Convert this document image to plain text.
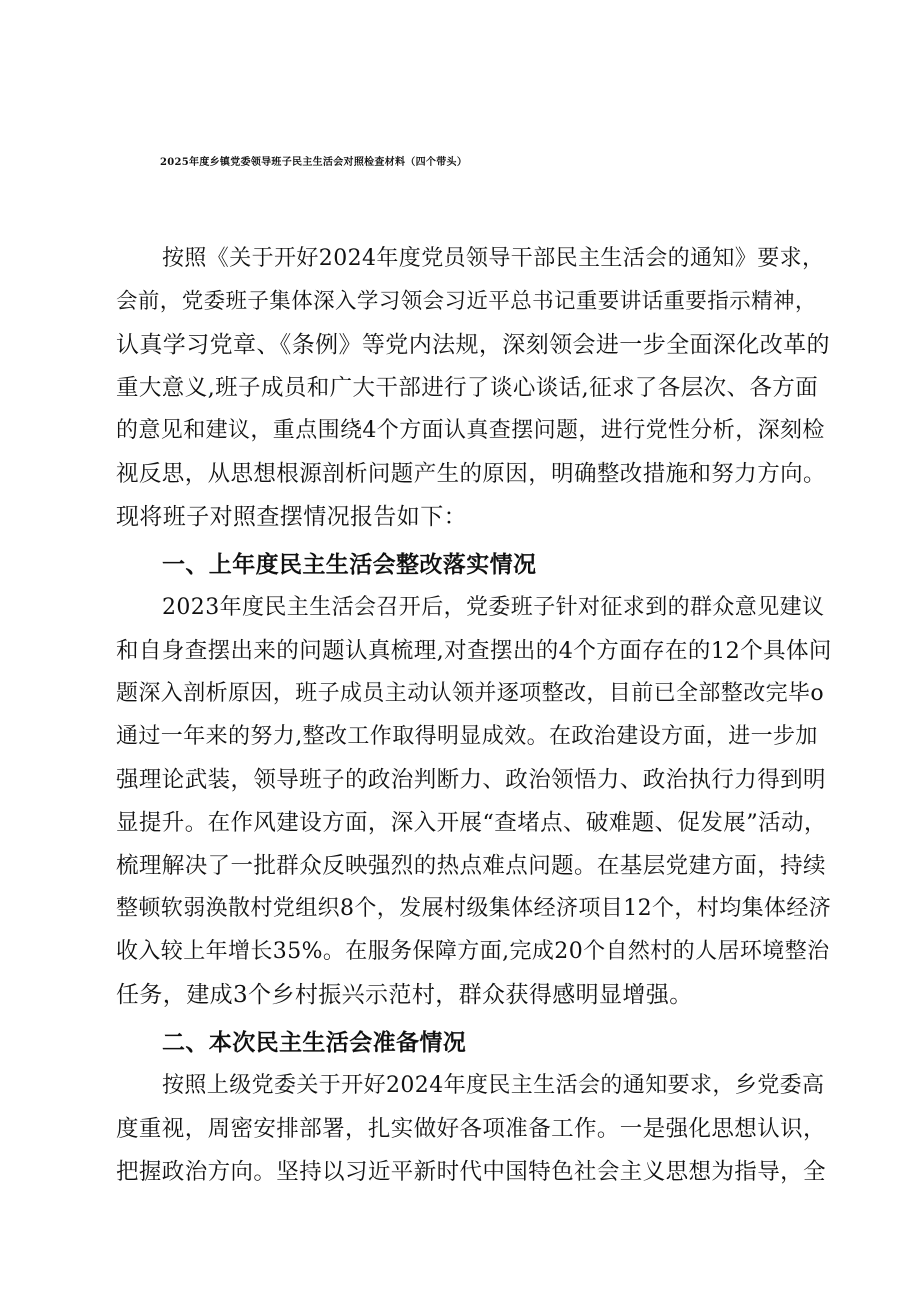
2025年度乡镇党委领导班子民主生活会对照检查材料（四个带头）
按照《关于开好2024年度党员领导干部民主生活会的通知》要求，
会前，党委班子集体深入学习领会习近平总书记重要讲话重要指示精神，
认真学习党章、《条例》等党内法规，深刻领会进一步全面深化改革的
重大意义,班子成员和广大干部进行了谈心谈话,征求了各层次、各方面
的意见和建议，重点围绕4个方面认真查摆问题，进行党性分析，深刻检
视反思，从思想根源剖析问题产生的原因，明确整改措施和努力方向。
现将班子对照查摆情况报告如下：
一、上年度民主生活会整改落实情况
2023年度民主生活会召开后，党委班子针对征求到的群众意见建议
和自身查摆出来的问题认真梳理,对查摆出的4个方面存在的12个具体问
题深入剖析原因，班子成员主动认领并逐项整改，目前已全部整改完毕o
通过一年来的努力,整改工作取得明显成效。在政治建设方面，进一步加
强理论武装，领导班子的政治判断力、政治领悟力、政治执行力得到明
显提升。在作风建设方面，深入开展“查堵点、破难题、促发展”活动，
梳理解决了一批群众反映强烈的热点难点问题。在基层党建方面，持续
整顿软弱涣散村党组织8个，发展村级集体经济项目12个，村均集体经济
收入较上年增长35%。在服务保障方面,完成20个自然村的人居环境整治
任务，建成3个乡村振兴示范村，群众获得感明显增强。
二、本次民主生活会准备情况
按照上级党委关于开好2024年度民主生活会的通知要求，乡党委高
度重视，周密安排部署，扎实做好各项准备工作。一是强化思想认识，
把握政治方向。坚持以习近平新时代中国特色社会主义思想为指导，全
